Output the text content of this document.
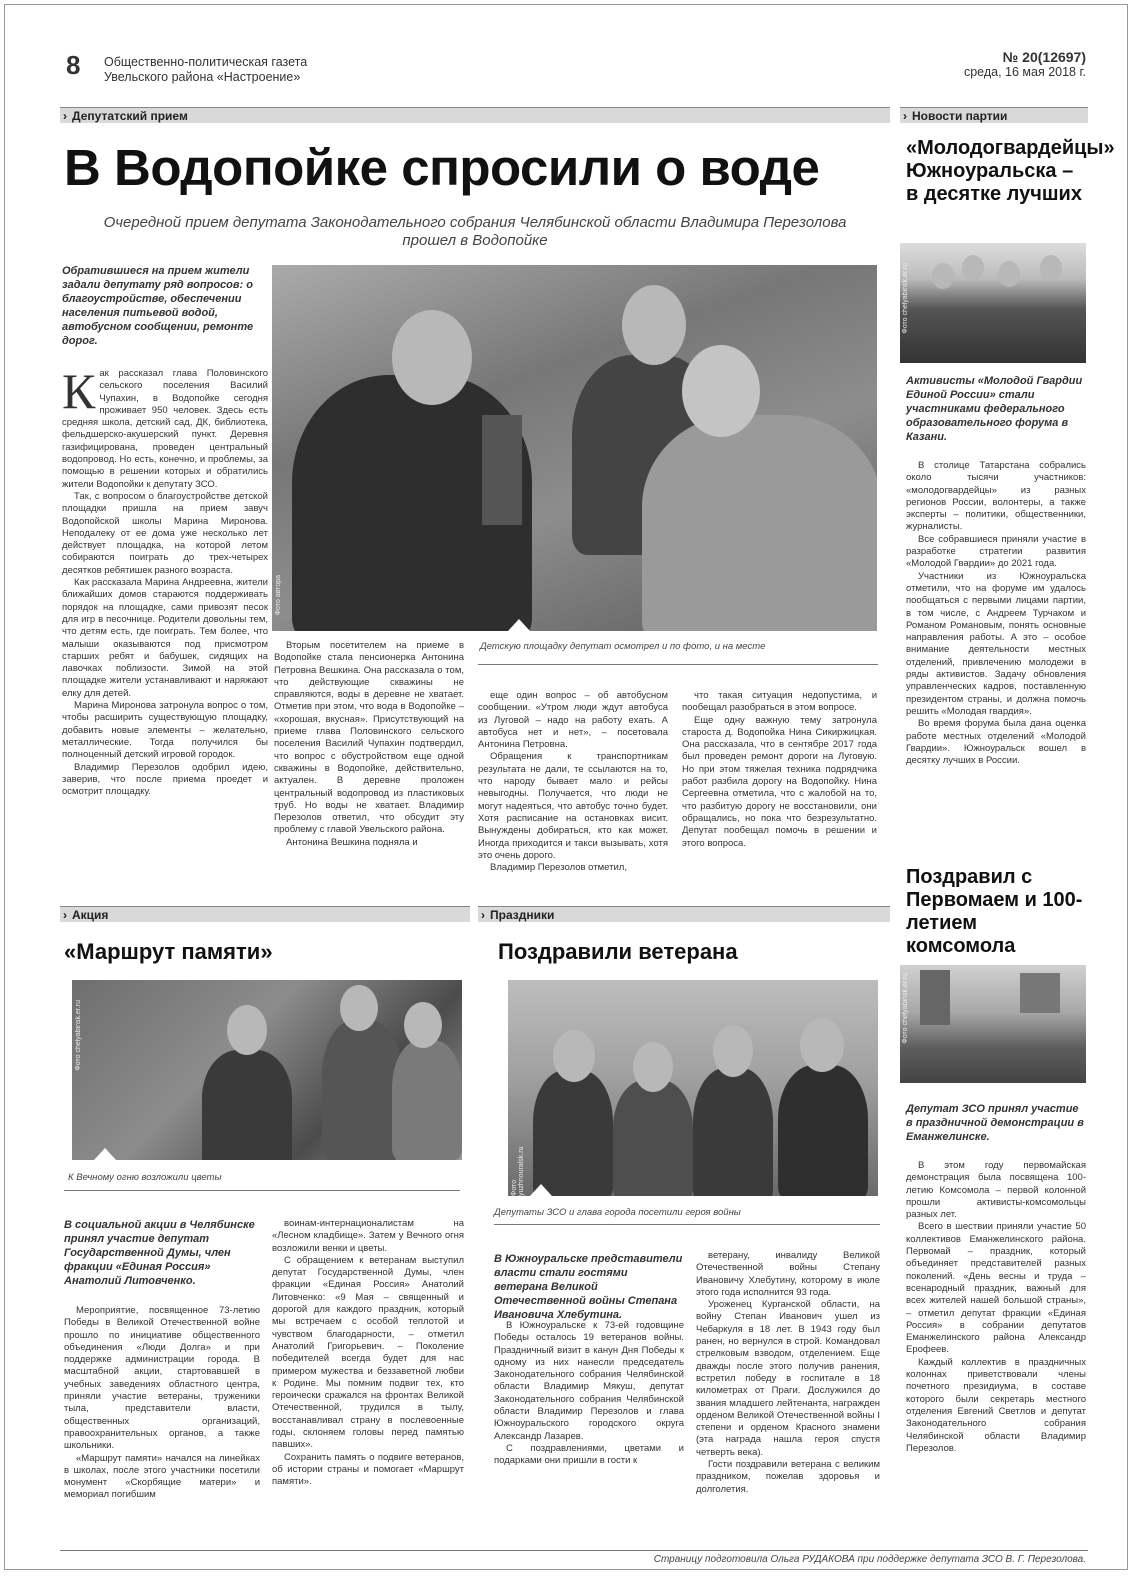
8 Общественно-политическая газета
Увельского района «Настроение»
№ 20(12697)
среда, 16 мая 2018 г.
› Депутатский прием
В Водопойке спросили о воде
Очередной прием депутата Законодательного собрания Челябинской области Владимира Перезолова прошел в Водопойке
Обратившиеся на прием жители задали депутату ряд вопросов: о благоустройстве, обеспечении населения питьевой водой, автобусном сообщении, ремонте дорог.
Фото автора
Детскую площадку депутат осмотрел и по фото, и на месте

Как рассказал глава Половинского сельского поселения Василий Чупахин, в Водопойке сегодня проживает 950 человек. Здесь есть средняя школа, детский сад, ДК, библиотека, фельдшерско-акушерский пункт. Деревня газифицирована, проведен центральный водопровод. Но есть, конечно, и проблемы, за помощью в решении которых и обратились жители Водопойки к депутату ЗСО.

Так, с вопросом о благоустройстве детской площадки пришла на прием завуч Водопойской школы Марина Миронова. Неподалеку от ее дома уже несколько лет действует площадка, на которой летом собираются поиграть до трех-четырех десятков ребятишек разного возраста.

Как рассказала Марина Андреевна, жители ближайших домов стараются поддерживать порядок на площадке, сами привозят песок для игр в песочнице. Родители довольны тем, что детям есть, где поиграть. Тем более, что малыши оказываются под присмотром старших ребят и бабушек, сидящих на лавочках поблизости. Зимой на этой площадке жители устанавливают и наряжают елку для детей.

Марина Миронова затронула вопрос о том, чтобы расширить существующую площадку, добавить новые элементы – желательно, металлические. Тогда получился бы полноценный детский игровой городок.

Владимир Перезолов одобрил идею, заверив, что после приема проедет и осмотрит площадку.

Вторым посетителем на приеме в Водопойке стала пенсионерка Антонина Петровна Вешкина. Она рассказала о том, что действующие скважины не справляются, воды в деревне не хватает. Отметив при этом, что вода в Водопойке – «хорошая, вкусная». Присутствующий на приеме глава Половинского сельского поселения Василий Чупахин подтвердил, что вопрос с обустройством еще одной скважины в Водопойке, действительно, актуален. В деревне проложен центральный водопровод из пластиковых труб. Но воды не хватает. Владимир Перезолов ответил, что обсудит эту проблему с главой Увельского района.

Антонина Вешкина подняла и

еще один вопрос – об автобусном сообщении. «Утром люди ждут автобуса из Луговой – надо на работу ехать. А автобуса нет и нет», – посетовала Антонина Петровна.

Обращения к транспортникам результата не дали, те ссылаются на то, что народу бывает мало и рейсы невыгодны. Получается, что люди не могут надеяться, что автобус точно будет. Хотя расписание на остановках висит. Вынуждены добираться, кто как может. Иногда приходится и такси вызывать, хотя это очень дорого.

Владимир Перезолов отметил,

что такая ситуация недопустима, и пообещал разобраться в этом вопросе.

Еще одну важную тему затронула староста д. Водопойка Нина Сикиржицкая. Она рассказала, что в сентябре 2017 года был проведен ремонт дороги на Луговую. Но при этом тяжелая техника подрядчика работ разбила дорогу на Водопойку. Нина Сергеевна отметила, что с жалобой на то, что разбитую дорогу не восстановили, они обращались, но пока что безрезультатно. Депутат пообещал помочь в решении и этого вопроса.

› Новости партии
«Молодогвардейцы» Южноуральска – в десятке лучших
Фото chelyabinsk.er.ru
Активисты «Молодой Гвардии Единой России» стали участниками федерального образовательного форума в Казани.

В столице Татарстана собрались около тысячи участников: «молодогвардейцы» из разных регионов России, волонтеры, а также эксперты – политики, общественники, журналисты.

Все собравшиеся приняли участие в разработке стратегии развития «Молодой Гвардии» до 2021 года.

Участники из Южноуральска отметили, что на форуме им удалось пообщаться с первыми лицами партии, в том числе, с Андреем Турчаком и Романом Романовым, понять основные направления работы. А это – особое внимание деятельности местных отделений, привлечению молодежи в ряды активистов. Задачу обновления управленческих кадров, поставленную президентом страны, и должна помочь решить «Молодая гвардия».

Во время форума была дана оценка работе местных отделений «Молодой Гвардии». Южноуральск вошел в десятку лучших в России.

Поздравил с Первомаем и 100-летием комсомола
Фото chelyabinsk.er.ru
Депутат ЗСО принял участие в праздничной демонстрации в Еманжелинске.

В этом году первомайская демонстрация была посвящена 100-летию Комсомола – первой колонной прошли активисты-комсомольцы разных лет.

Всего в шествии приняли участие 50 коллективов Еманжелинского района. Первомай – праздник, который объединяет представителей разных поколений. «День весны и труда – всенародный праздник, важный для всех жителей нашей большой страны», – отметил депутат фракции «Единая Россия» в собрании депутатов Еманжелинского района Александр Ерофеев.

Каждый коллектив в праздничных колоннах приветствовали члены почетного президиума, в составе которого были секретарь местного отделения Евгений Светлов и депутат Законодательного собрания Челябинской области Владимир Перезолов.

› Акция
«Маршрут памяти»
Фото chelyabinsk.er.ru
К Вечному огню возложили цветы
В социальной акции в Челябинске принял участие депутат Государственной Думы, член фракции «Единая Россия» Анатолий Литовченко.

Мероприятие, посвященное 73-летию Победы в Великой Отечественной войне прошло по инициативе общественного объединения «Люди Долга» и при поддержке администрации города. В масштабной акции, стартовавшей в учебных заведениях областного центра, приняли участие ветераны, труженики тыла, представители власти, общественных организаций, правоохранительных органов, а также школьники.

«Маршрут памяти» начался на линейках в школах, после этого участники посетили монумент «Скорбящие матери» и мемориал погибшим

воинам-интернационалистам на «Лесном кладбище». Затем у Вечного огня возложили венки и цветы.

С обращением к ветеранам выступил депутат Государственной Думы, член фракции «Единая Россия» Анатолий Литовченко: «9 Мая – священный и дорогой для каждого праздник, который мы встречаем с особой теплотой и чувством благодарности, – отметил Анатолий Григорьевич. – Поколение победителей всегда будет для нас примером мужества и беззаветной любви к Родине. Мы помним подвиг тех, кто героически сражался на фронтах Великой Отечественной, трудился в тылу, восстанавливал страну в послевоенные годы, склоняем головы перед памятью павших».

Сохранить память о подвиге ветеранов, об истории страны и помогает «Маршрут памяти».

› Праздники
Поздравили ветерана
Фото yuzhnouralsk.ru
Депутаты ЗСО и глава города посетили героя войны
В Южноуральске представители власти стали гостями ветерана Великой Отечественной войны Степана Ивановича Хлебутина.

В Южноуральске к 73-ей годовщине Победы осталось 19 ветеранов войны. Праздничный визит в канун Дня Победы к одному из них нанесли председатель Законодательного собрания Челябинской области Владимир Мякуш, депутат Законодательного собрания Челябинской области Владимир Перезолов и глава Южноуральского городского округа Александр Лазарев.

С поздравлениями, цветами и подарками они пришли в гости к

ветерану, инвалиду Великой Отечественной войны Степану Ивановичу Хлебутину, которому в июле этого года исполнится 93 года.

Уроженец Курганской области, на войну Степан Иванович ушел из Чебаркуля в 18 лет. В 1943 году был ранен, но вернулся в строй. Командовал стрелковым взводом, отделением. Еще дважды после этого получив ранения, встретил победу в госпитале в 18 километрах от Праги. Дослужился до звания младшего лейтенанта, награжден орденом Великой Отечественной войны I степени и орденом Красного знамени (эта награда нашла героя спустя четверть века).

Гости поздравили ветерана с великим праздником, пожелав здоровья и долголетия.

Страницу подготовила Ольга РУДАКОВА при поддержке депутата ЗСО В. Г. Перезолова.
